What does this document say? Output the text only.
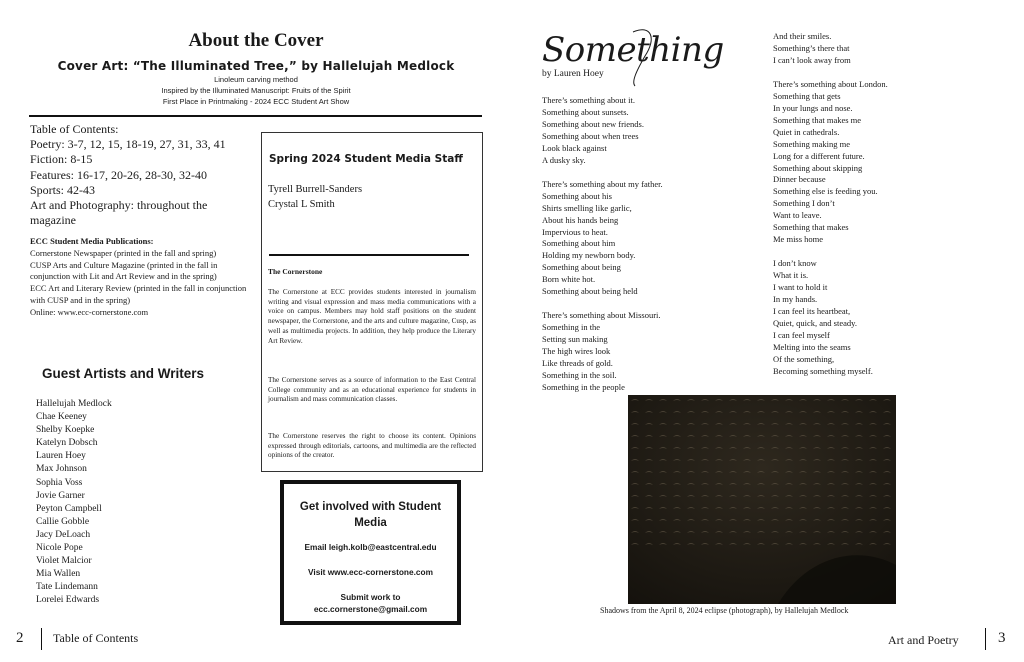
About the Cover
Cover Art: “The Illuminated Tree,” by Hallelujah Medlock
Linoleum carving method
Inspired by the Illuminated Manuscript: Fruits of the Spirit
First Place in Printmaking - 2024 ECC Student Art Show
Table of Contents:
Poetry: 3-7, 12, 15, 18-19, 27, 31, 33, 41
Fiction: 8-15
Features: 16-17, 20-26, 28-30, 32-40
Sports: 42-43
Art and Photography: throughout the magazine
ECC Student Media Publications:
Cornerstone Newspaper (printed in the fall and spring)
CUSP Arts and Culture Magazine (printed in the fall in conjunction with Lit and Art Review and in the spring)
ECC Art and Literary Review (printed in the fall in conjunction with CUSP and in the spring)
Online: www.ecc-cornerstone.com
Guest Artists and Writers
Hallelujah Medlock
Chae Keeney
Shelby Koepke
Katelyn Dobsch
Lauren Hoey
Max Johnson
Sophia Voss
Jovie Garner
Peyton Campbell
Callie Gobble
Jacy DeLoach
Nicole Pope
Violet Malcior
Mia Wallen
Tate Lindemann
Lorelei Edwards
Spring 2024 Student Media Staff
Tyrell Burrell-Sanders
Crystal L Smith
The Cornerstone
The Cornerstone at ECC provides students interested in journalism writing and visual expression and mass media communications with a voice on campus. Members may hold staff positions on the student newspaper, the Cornerstone, and the arts and culture magazine, Cusp, as well as multimedia projects. In addition, they help produce the Literary Art Review.
The Cornerstone serves as a source of information to the East Central College community and as an educational experience for students in journalism and mass communication classes.
The Cornerstone reserves the right to choose its content. Opinions expressed through editorials, cartoons, and multimedia are the reflected opinions of the creator.
Get involved with Student Media
Email leigh.kolb@eastcentral.edu
Visit www.ecc-cornerstone.com
Submit work to
ecc.cornerstone@gmail.com
2 Table of Contents
Something
by Lauren Hoey
There’s something about it.
Something about sunsets.
Something about new friends.
Something about when trees
Look black against
A dusky sky.
There’s something about my father.
Something about his
Shirts smelling like garlic,
About his hands being
Impervious to heat.
Something about him
Holding my newborn body.
Something about being
Born white hot.
Something about being held
There’s something about Missouri.
Something in the
Setting sun making
The high wires look
Like threads of gold.
Something in the soil.
Something in the people
And their smiles.
Something’s there that
I can’t look away from
There’s something about London.
Something that gets
In your lungs and nose.
Something that makes me
Quiet in cathedrals.
Something making me
Long for a different future.
Something about skipping
Dinner because
Something else is feeding you.
Something I don’t
Want to leave.
Something that makes
Me miss home
I don’t know
What it is.
I want to hold it
In my hands.
I can feel its heartbeat,
Quiet, quick, and steady.
I can feel myself
Melting into the seams
Of the something,
Becoming something myself.
Shadows from the April 8, 2024 eclipse (photograph), by Hallelujah Medlock
Art and Poetry	3
